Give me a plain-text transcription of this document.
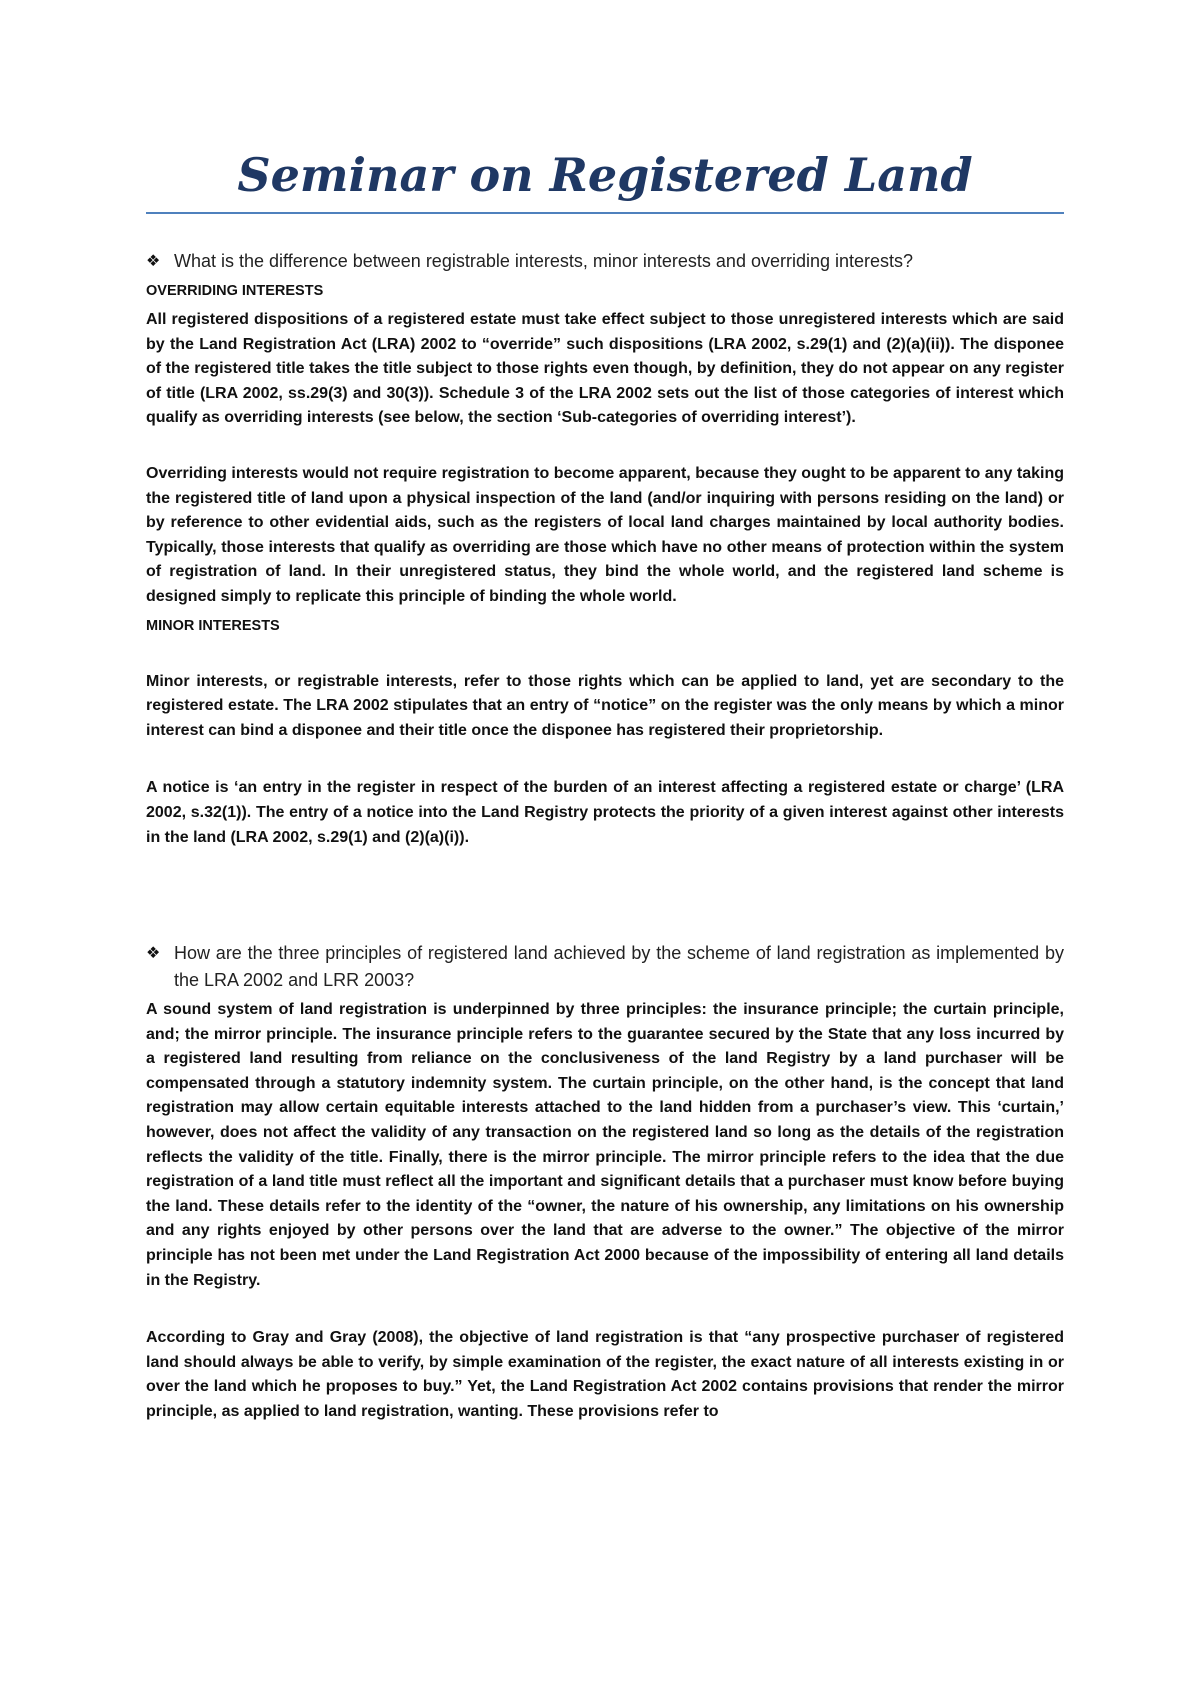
Seminar on Registered Land
❖ What is the difference between registrable interests, minor interests and overriding interests?
OVERRIDING INTERESTS

All registered dispositions of a registered estate must take effect subject to those unregistered interests which are said by the Land Registration Act (LRA) 2002 to “override” such dispositions (LRA 2002, s.29(1) and (2)(a)(ii)). The disponee of the registered title takes the title subject to those rights even though, by definition, they do not appear on any register of title (LRA 2002, ss.29(3) and 30(3)). Schedule 3 of the LRA 2002 sets out the list of those categories of interest which qualify as overriding interests (see below, the section ‘Sub-categories of overriding interest’).

Overriding interests would not require registration to become apparent, because they ought to be apparent to any taking the registered title of land upon a physical inspection of the land (and/or inquiring with persons residing on the land) or by reference to other evidential aids, such as the registers of local land charges maintained by local authority bodies. Typically, those interests that qualify as overriding are those which have no other means of protection within the system of registration of land. In their unregistered status, they bind the whole world, and the registered land scheme is designed simply to replicate this principle of binding the whole world.

MINOR INTERESTS

Minor interests, or registrable interests, refer to those rights which can be applied to land, yet are secondary to the registered estate. The LRA 2002 stipulates that an entry of “notice” on the register was the only means by which a minor interest can bind a disponee and their title once the disponee has registered their proprietorship.

A notice is ‘an entry in the register in respect of the burden of an interest affecting a registered estate or charge’ (LRA 2002, s.32(1)). The entry of a notice into the Land Registry protects the priority of a given interest against other interests in the land (LRA 2002, s.29(1) and (2)(a)(i)).

❖ How are the three principles of registered land achieved by the scheme of land registration as implemented by the LRA 2002 and LRR 2003?

A sound system of land registration is underpinned by three principles: the insurance principle; the curtain principle, and; the mirror principle. The insurance principle refers to the guarantee secured by the State that any loss incurred by a registered land resulting from reliance on the conclusiveness of the land Registry by a land purchaser will be compensated through a statutory indemnity system. The curtain principle, on the other hand, is the concept that land registration may allow certain equitable interests attached to the land hidden from a purchaser’s view. This ‘curtain,’ however, does not affect the validity of any transaction on the registered land so long as the details of the registration reflects the validity of the title. Finally, there is the mirror principle. The mirror principle refers to the idea that the due registration of a land title must reflect all the important and significant details that a purchaser must know before buying the land. These details refer to the identity of the “owner, the nature of his ownership, any limitations on his ownership and any rights enjoyed by other persons over the land that are adverse to the owner.” The objective of the mirror principle has not been met under the Land Registration Act 2000 because of the impossibility of entering all land details in the Registry.

According to Gray and Gray (2008), the objective of land registration is that “any prospective purchaser of registered land should always be able to verify, by simple examination of the register, the exact nature of all interests existing in or over the land which he proposes to buy.” Yet, the Land Registration Act 2002 contains provisions that render the mirror principle, as applied to land registration, wanting. These provisions refer to
